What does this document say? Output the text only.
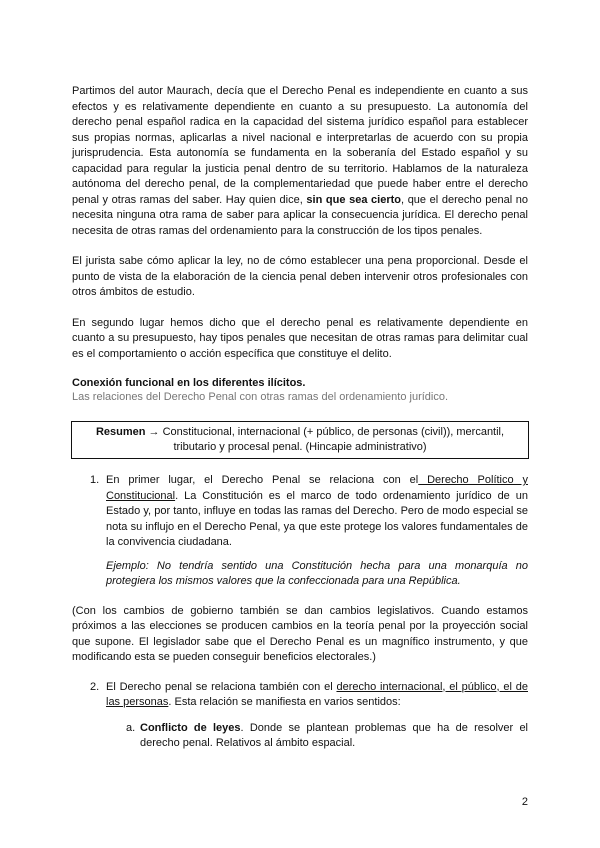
Partimos del autor Maurach, decía que el Derecho Penal es independiente en cuanto a sus efectos y es relativamente dependiente en cuanto a su presupuesto. La autonomía del derecho penal español radica en la capacidad del sistema jurídico español para establecer sus propias normas, aplicarlas a nivel nacional e interpretarlas de acuerdo con su propia jurisprudencia. Esta autonomía se fundamenta en la soberanía del Estado español y su capacidad para regular la justicia penal dentro de su territorio. Hablamos de la naturaleza autónoma del derecho penal, de la complementariedad que puede haber entre el derecho penal y otras ramas del saber. Hay quien dice, sin que sea cierto, que el derecho penal no necesita ninguna otra rama de saber para aplicar la consecuencia jurídica. El derecho penal necesita de otras ramas del ordenamiento para la construcción de los tipos penales.

El jurista sabe cómo aplicar la ley, no de cómo establecer una pena proporcional. Desde el punto de vista de la elaboración de la ciencia penal deben intervenir otros profesionales con otros ámbitos de estudio.

En segundo lugar hemos dicho que el derecho penal es relativamente dependiente en cuanto a su presupuesto, hay tipos penales que necesitan de otras ramas para delimitar cual es el comportamiento o acción específica que constituye el delito.

Conexión funcional en los diferentes ilícitos.

Las relaciones del Derecho Penal con otras ramas del ordenamiento jurídico.

Resumen → Constitucional, internacional (+ público, de personas (civil)), mercantil, tributario y procesal penal. (Hincapie administrativo)
1. En primer lugar, el Derecho Penal se relaciona con el Derecho Político y Constitucional. La Constitución es el marco de todo ordenamiento jurídico de un Estado y, por tanto, influye en todas las ramas del Derecho. Pero de modo especial se nota su influjo en el Derecho Penal, ya que este protege los valores fundamentales de la convivencia ciudadana.

Ejemplo: No tendría sentido una Constitución hecha para una monarquía no protegiera los mismos valores que la confeccionada para una República.

(Con los cambios de gobierno también se dan cambios legislativos. Cuando estamos próximos a las elecciones se producen cambios en la teoría penal por la proyección social que supone. El legislador sabe que el Derecho Penal es un magnífico instrumento, y que modificando esta se pueden conseguir beneficios electorales.)

2. El Derecho penal se relaciona también con el derecho internacional, el público, el de las personas. Esta relación se manifiesta en varios sentidos:

a. Conflicto de leyes. Donde se plantean problemas que ha de resolver el derecho penal. Relativos al ámbito espacial.

2
